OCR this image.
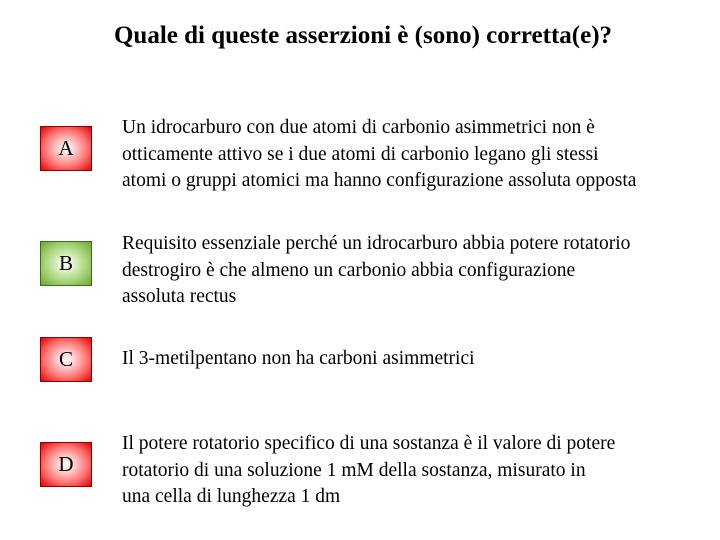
Quale di queste asserzioni è (sono) corretta(e)?
A
Un idrocarburo con due atomi di carbonio asimmetrici non è
otticamente attivo se i due atomi di carbonio legano gli stessi
atomi o gruppi atomici ma hanno configurazione assoluta opposta
B
Requisito essenziale perché un idrocarburo abbia potere rotatorio
destrogiro è che almeno un carbonio abbia configurazione
assoluta rectus
C	Il 3-metilpentano non ha carboni asimmetrici
D
Il potere rotatorio specifico di una sostanza è il valore di potere
rotatorio di una soluzione 1 mM della sostanza, misurato in
una cella di lunghezza 1 dm
